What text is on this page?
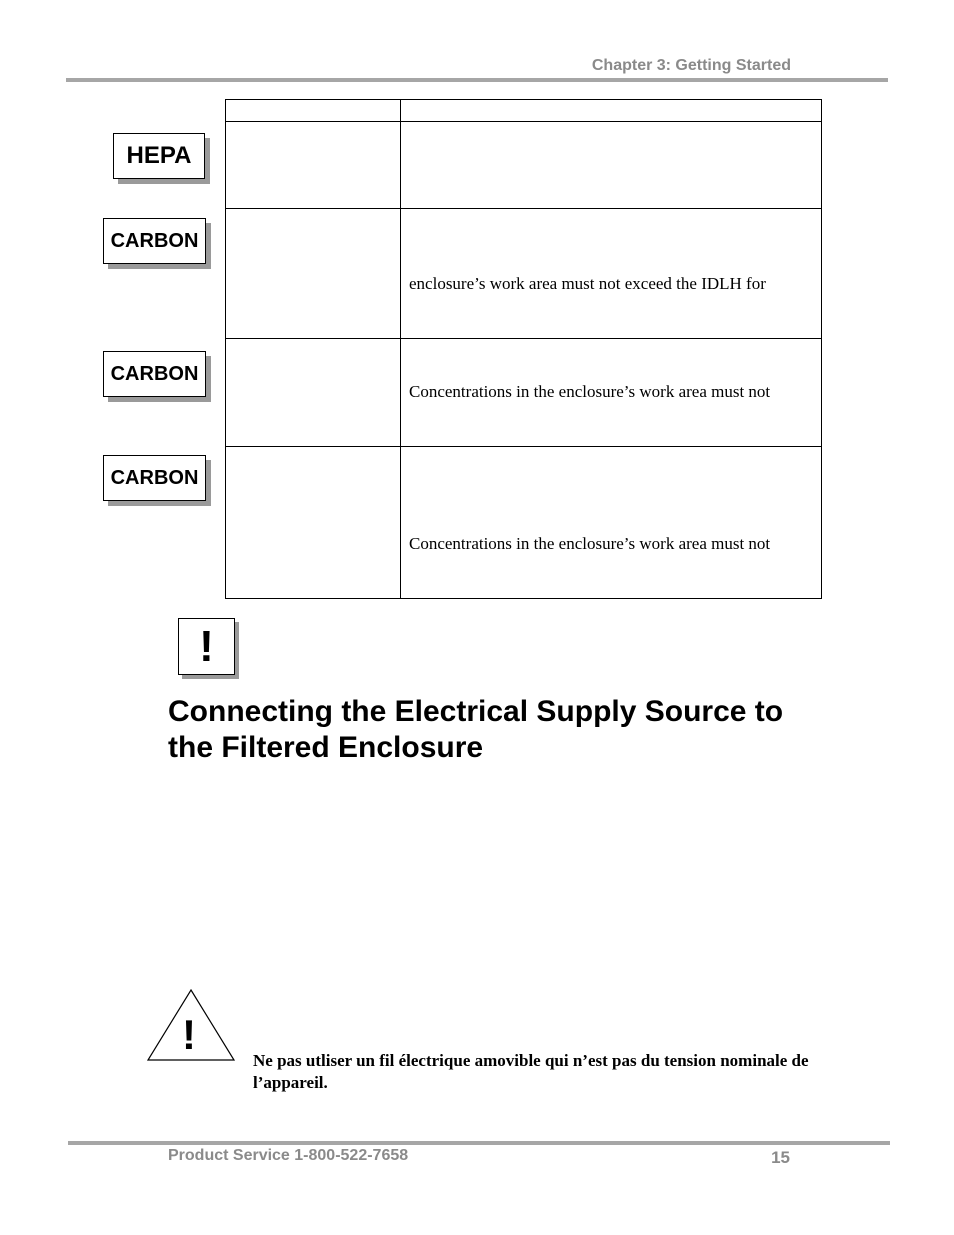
Chapter 3: Getting Started
HEPA
CARBON
CARBON
CARBON
enclosure’s work area must not exceed the IDLH for
Concentrations in the enclosure’s work area must not
Concentrations in the enclosure’s work area must not
!
Connecting the Electrical Supply Source to the Filtered Enclosure
!
Ne pas utliser un fil électrique amovible qui n’est pas du tension nominale de l’appareil.
Product Service 1-800-522-7658	15
